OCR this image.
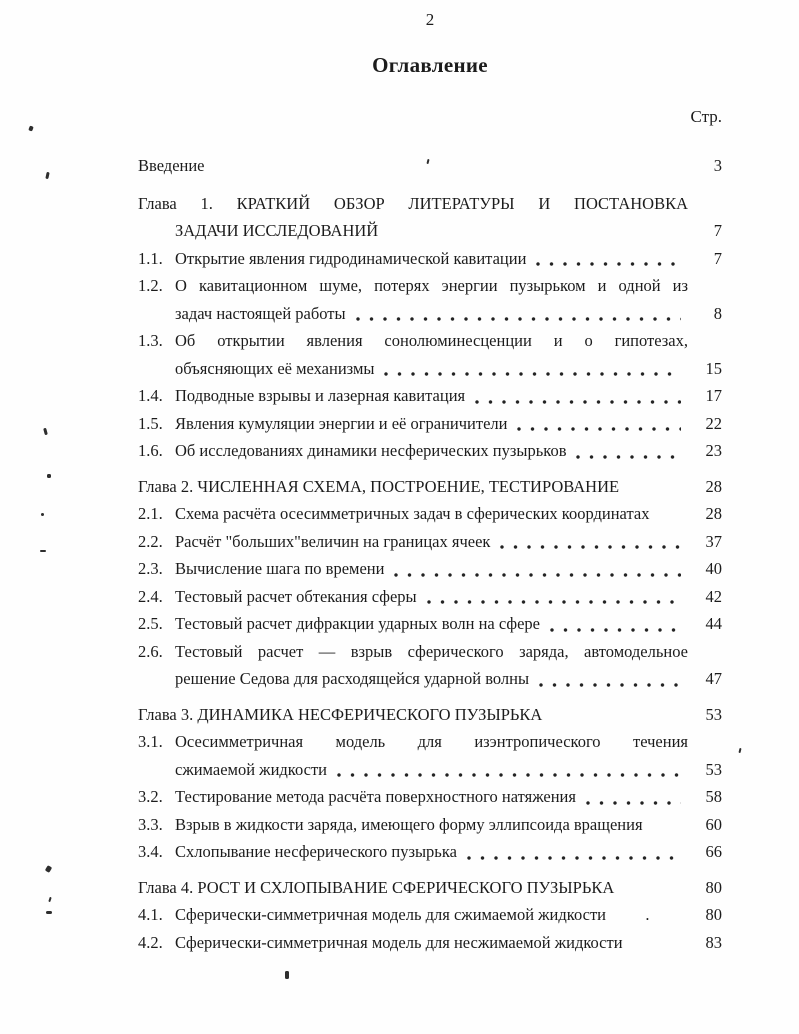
2
Оглавление
Стр.
Введение	3
Глава 1. КРАТКИЙ ОБЗОР ЛИТЕРАТУРЫ И ПОСТАНОВКА
ЗАДАЧИ ИССЛЕДОВАНИЙ	7
1.1. Открытие явления гидродинамической кавитации	7
1.2. О кавитационном шуме, потерях энергии пузырьком и одной из
задач настоящей работы	8
1.3. Об открытии явления сонолюминесценции и о гипотезах,
объясняющих её механизмы	15
1.4. Подводные взрывы и лазерная кавитация	17
1.5. Явления кумуляции энергии и её ограничители	22
1.6. Об исследованиях динамики несферических пузырьков	23
Глава 2. ЧИСЛЕННАЯ СХЕМА, ПОСТРОЕНИЕ, ТЕСТИРОВАНИЕ	28
2.1. Схема расчёта осесимметричных задач в сферических координатах	28
2.2. Расчёт "больших"величин на границах ячеек	37
2.3. Вычисление шага по времени	40
2.4. Тестовый расчет обтекания сферы	42
2.5. Тестовый расчет дифракции ударных волн на сфере	44
2.6. Тестовый расчет — взрыв сферического заряда, автомодельное
решение Седова для расходящейся ударной волны	47
Глава 3. ДИНАМИКА НЕСФЕРИЧЕСКОГО ПУЗЫРЬКА	53
3.1. Осесимметричная модель для изэнтропического течения
сжимаемой жидкости	53
3.2. Тестирование метода расчёта поверхностного натяжения	58
3.3. Взрыв в жидкости заряда, имеющего форму эллипсоида вращения	60
3.4. Схлопывание несферического пузырька	66
Глава 4. РОСТ И СХЛОПЫВАНИЕ СФЕРИЧЕСКОГО ПУЗЫРЬКА	80
4.1. Сферически-симметричная модель для сжимаемой жидкости	.	80
4.2. Сферически-симметричная модель для несжимаемой жидкости	83
